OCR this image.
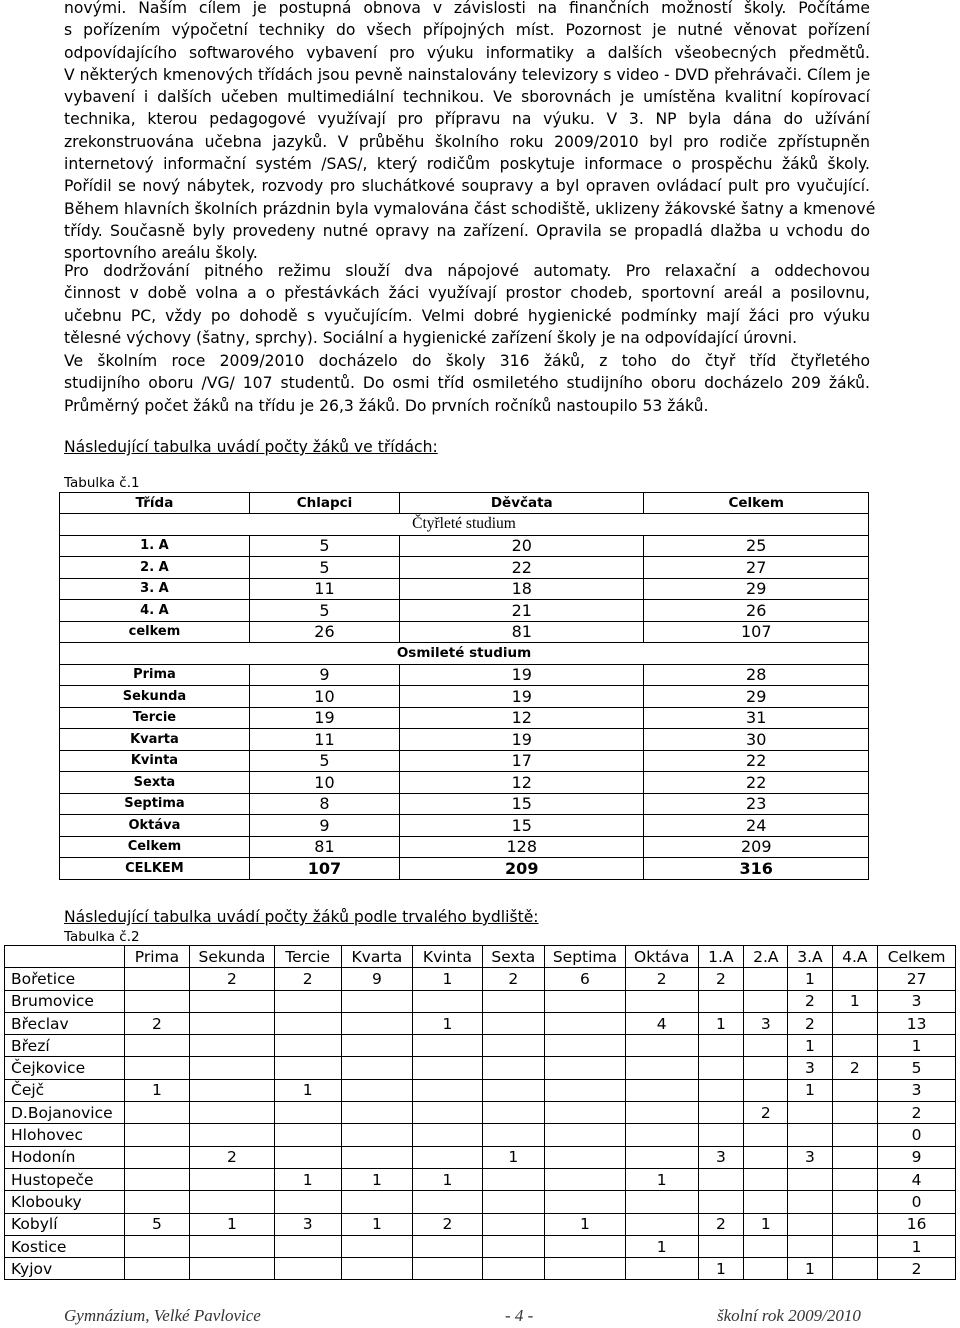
novými. Naším cílem je postupná obnova v závislosti na finančních možností školy. Počítáme
s pořízením výpočetní techniky do všech přípojných míst. Pozornost je nutné věnovat pořízení
odpovídajícího softwarového vybavení pro výuku informatiky a dalších všeobecných předmětů.
V některých kmenových třídách jsou pevně nainstalovány televizory s video - DVD přehrávači. Cílem je
vybavení i dalších učeben multimediální technikou. Ve sborovnách je umístěna kvalitní kopírovací
technika, kterou pedagogové využívají pro přípravu na výuku. V 3. NP byla dána do užívání
zrekonstruována učebna jazyků. V průběhu školního roku 2009/2010 byl pro rodiče zpřístupněn
internetový informační systém /SAS/, který rodičům poskytuje informace o prospěchu žáků školy.
Pořídil se nový nábytek, rozvody pro sluchátkové soupravy a byl opraven ovládací pult pro vyučující.
Během hlavních školních prázdnin byla vymalována část schodiště, uklizeny žákovské šatny a kmenové
třídy. Současně byly provedeny nutné opravy na zařízení. Opravila se propadlá dlažba u vchodu do
sportovního areálu školy.
Pro dodržování pitného režimu slouží dva nápojové automaty. Pro relaxační a oddechovou
činnost v době volna a o přestávkách žáci využívají prostor chodeb, sportovní areál a posilovnu,
učebnu PC, vždy po dohodě s vyučujícím. Velmi dobré hygienické podmínky mají žáci pro výuku
tělesné výchovy (šatny, sprchy). Sociální a hygienické zařízení školy je na odpovídající úrovni.
Ve školním roce 2009/2010 docházelo do školy 316 žáků, z toho do čtyř tříd čtyřletého
studijního oboru /VG/ 107 studentů. Do osmi tříd osmiletého studijního oboru docházelo 209 žáků.
Průměrný počet žáků na třídu je 26,3 žáků. Do prvních ročníků nastoupilo 53 žáků.

Následující tabulka uvádí počty žáků ve třídách:

Tabulka č.1

Třída	Chlapci	Děvčata	Celkem
Čtyřleté studium			
1. A	5	20	25
2. A	5	22	27
3. A	11	18	29
4. A	5	21	26
celkem	26	81	107
Osmileté studium			
Prima	9	19	28
Sekunda	10	19	29
Tercie	19	12	31
Kvarta	11	19	30
Kvinta	5	17	22
Sexta	10	12	22
Septima	8	15	23
Oktáva	9	15	24
Celkem	81	128	209
CELKEM	107	209	316

Následující tabulka uvádí počty žáků podle trvalého bydliště:

Tabulka č.2

	Prima	Sekunda	Tercie	Kvarta	Kvinta	Sexta	Septima	Oktáva	1.A	2.A	3.A	4.A	Celkem
Bořetice		2	2	9	1	2	6	2	2		1		27
Brumovice											2	1	3
Břeclav	2				1			4	1	3	2		13
Březí											1		1
Čejkovice											3	2	5
Čejč	1		1								1		3
D.Bojanovice										2			2
Hlohovec													0
Hodonín		2				1			3		3		9
Hustopeče			1	1	1			1					4
Klobouky													0
Kobylí	5	1	3	1	2		1		2	1			16
Kostice								1					1
Kyjov									1		1		2
Gymnázium, Velké Pavlovice	- 4 -	školní rok 2009/2010
